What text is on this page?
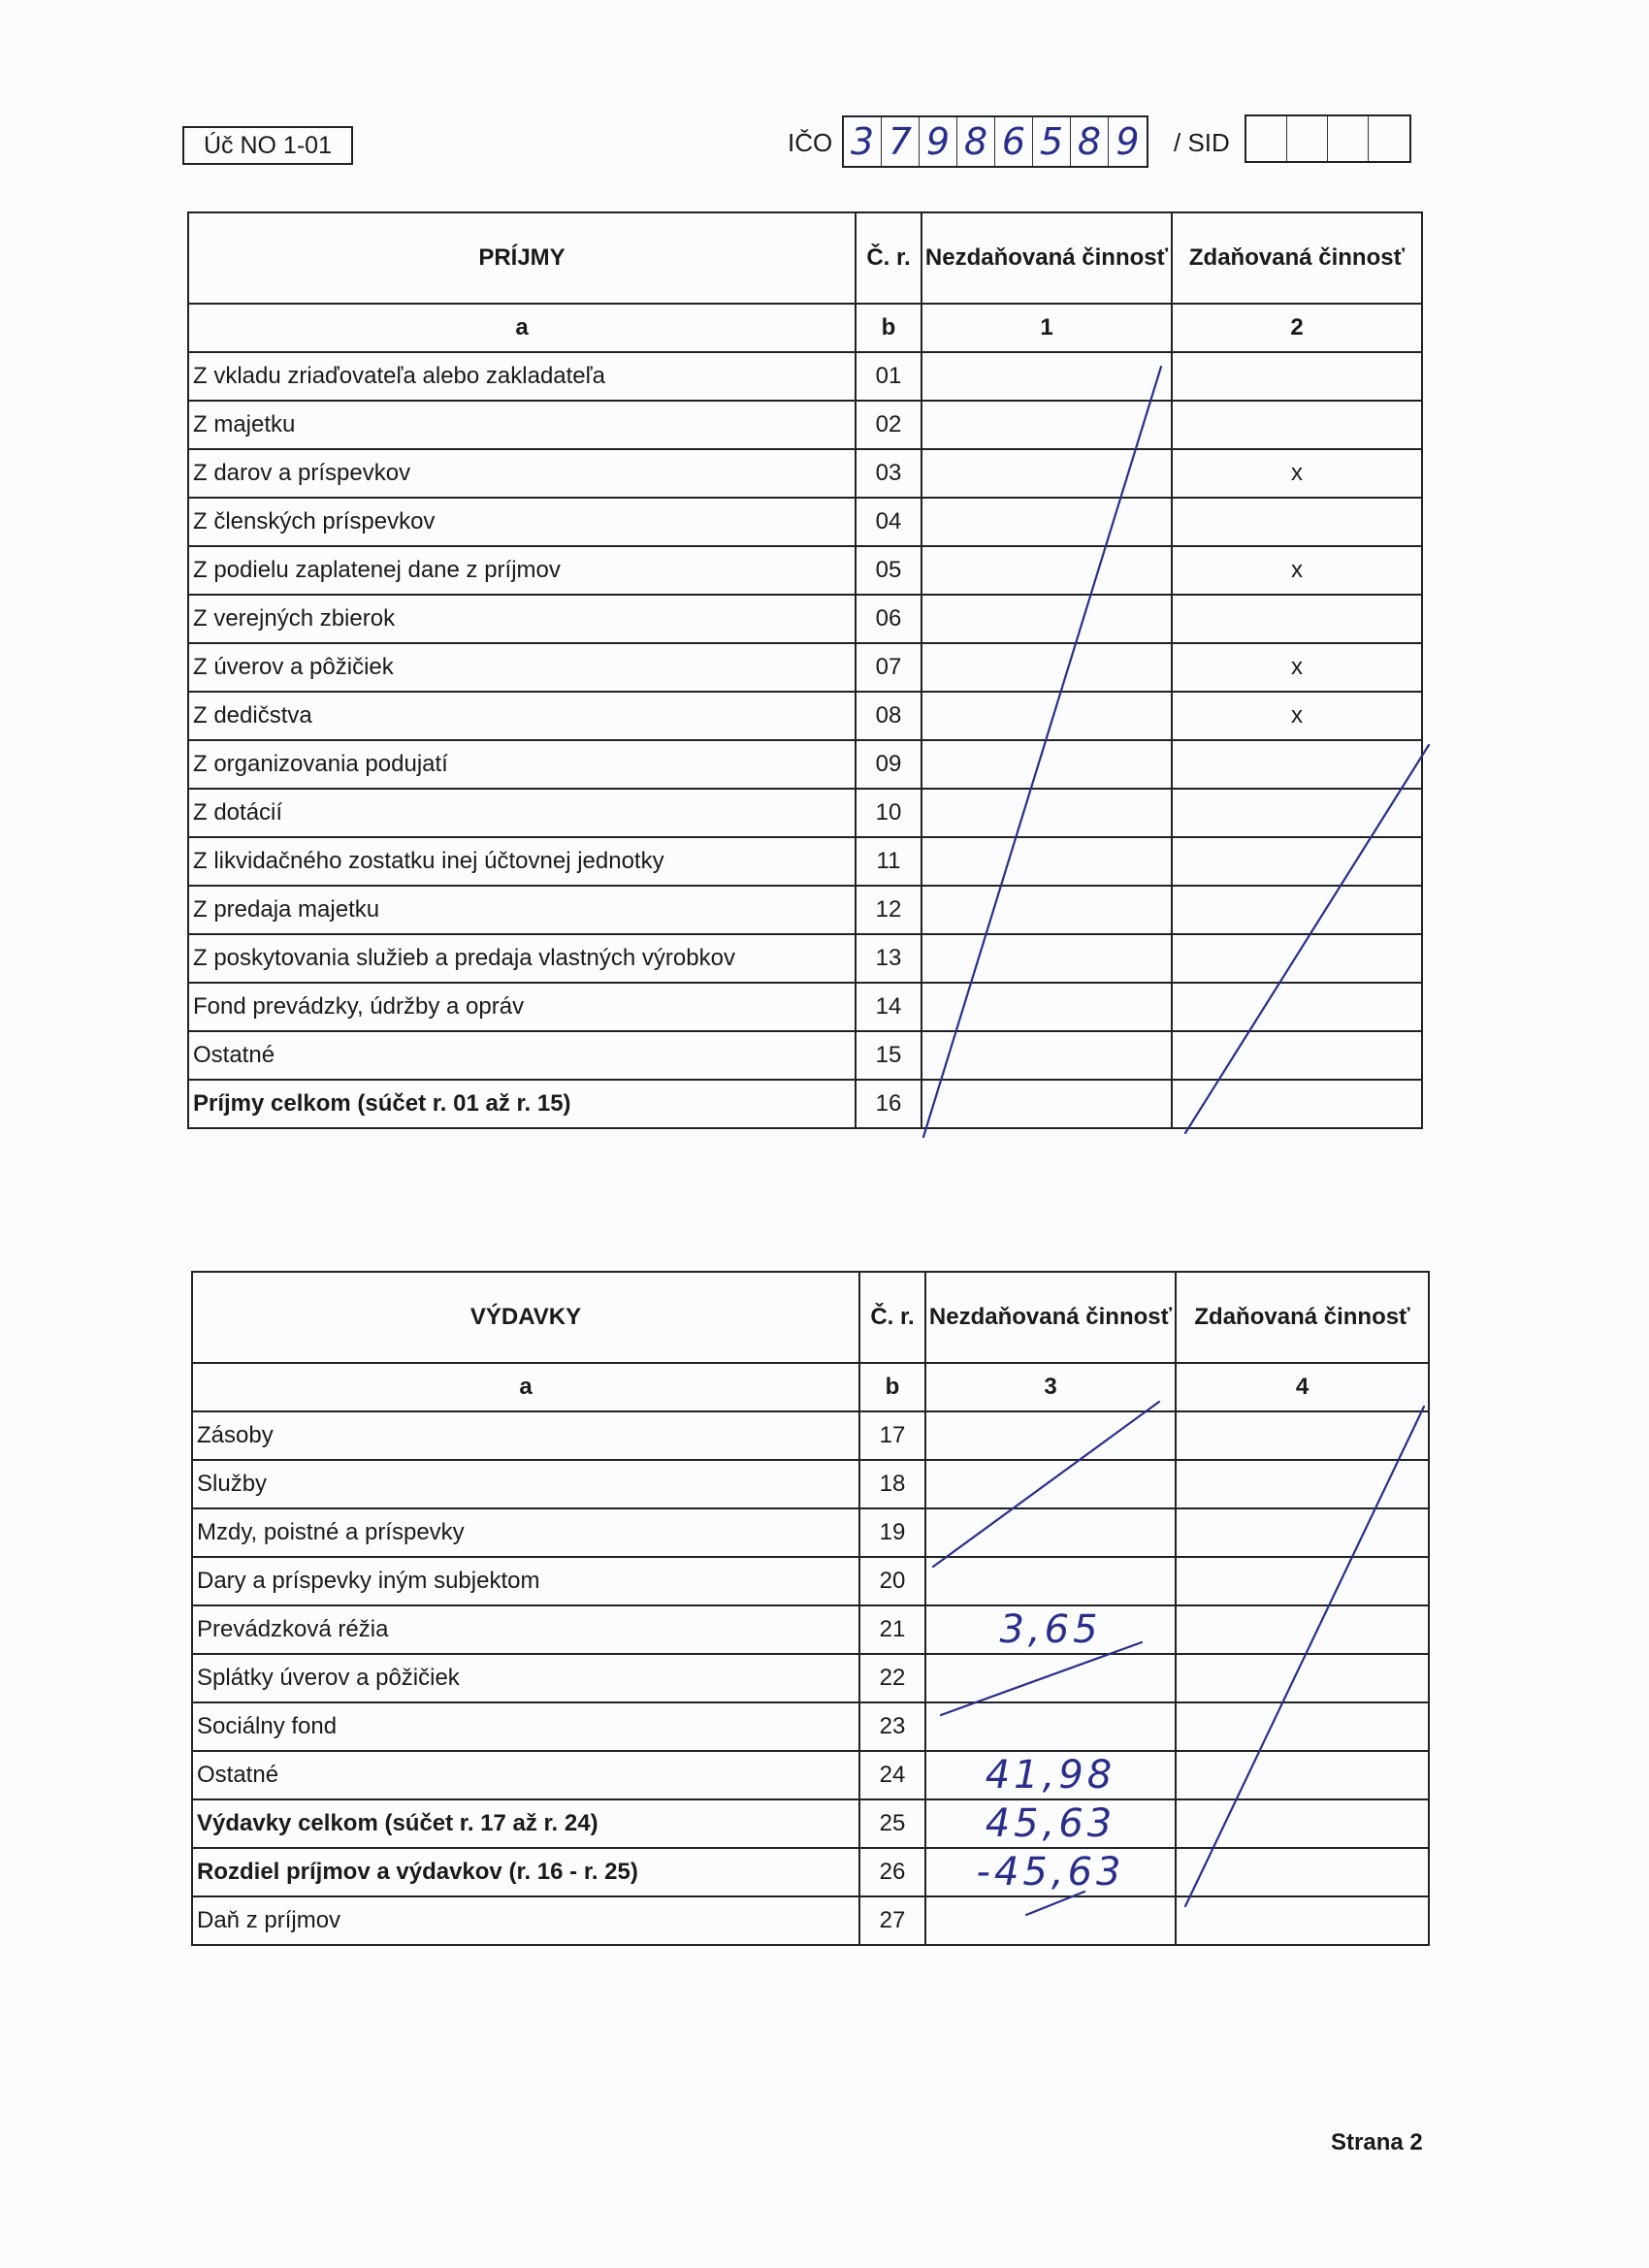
Úč NO 1-01	IČO 3 7 9 8 6 5 8 9 / SID
PRÍJMY	Č. r.	Nezdaňovaná činnosť	Zdaňovaná činnosť
a	b	1	2
Z vkladu zriaďovateľa alebo zakladateľa	01		
Z majetku	02		
Z darov a príspevkov	03		x
Z členských príspevkov	04		
Z podielu zaplatenej dane z príjmov	05		x
Z verejných zbierok	06		
Z úverov a pôžičiek	07		x
Z dedičstva	08		x
Z organizovania podujatí	09		
Z dotácií	10		
Z likvidačného zostatku inej účtovnej jednotky	11		
Z predaja majetku	12		
Z poskytovania služieb a predaja vlastných výrobkov	13		
Fond prevádzky, údržby a opráv	14		
Ostatné	15		
Príjmy celkom (súčet r. 01 až r. 15)	16		
VÝDAVKY	Č. r.	Nezdaňovaná činnosť	Zdaňovaná činnosť
a	b	3	4
Zásoby	17		
Služby	18		
Mzdy, poistné a príspevky	19		
Dary a príspevky iným subjektom	20		
Prevádzková réžia	21	3,65	
Splátky úverov a pôžičiek	22		
Sociálny fond	23		
Ostatné	24	41,98	
Výdavky celkom (súčet r. 17 až r. 24)	25	45,63	
Rozdiel príjmov a výdavkov (r. 16 - r. 25)	26	-45,63	
Daň z príjmov	27		
Strana 2
